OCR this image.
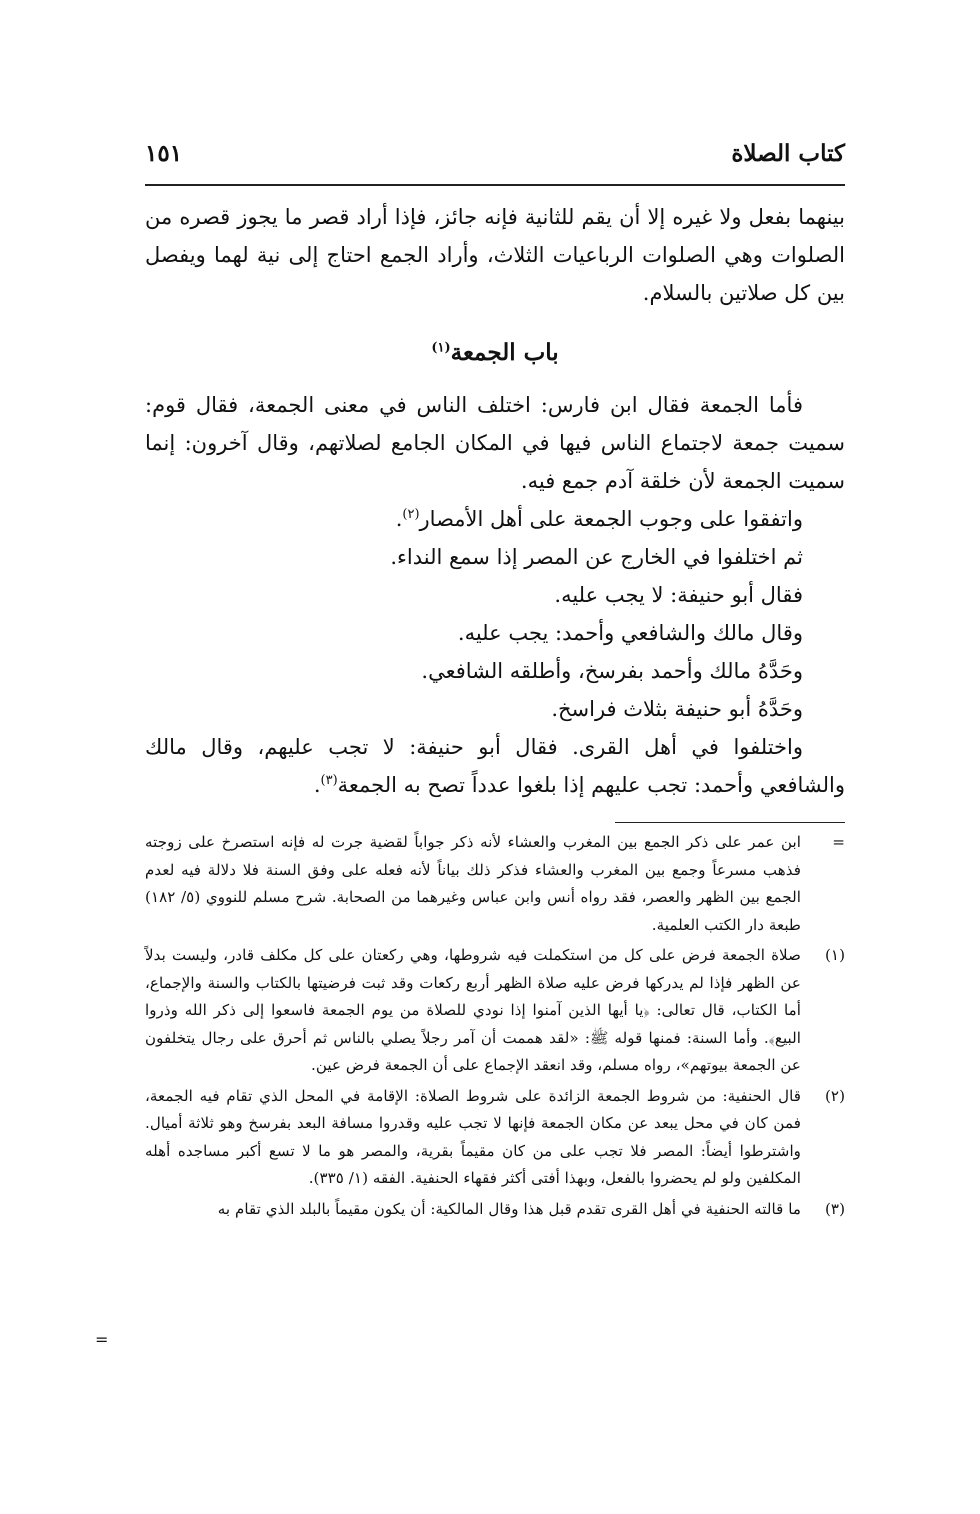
كتاب الصلاة
١٥١

بينهما بفعل ولا غيره إلا أن يقم للثانية فإنه جائز، فإذا أراد قصر ما يجوز قصره من الصلوات وهي الصلوات الرباعيات الثلاث، وأراد الجمع احتاج إلى نية لهما ويفصل بين كل صلاتين بالسلام.

باب الجمعة$^{(١)}$

فأما الجمعة فقال ابن فارس: اختلف الناس في معنى الجمعة، فقال قوم: سميت جمعة لاجتماع الناس فيها في المكان الجامع لصلاتهم، وقال آخرون: إنما سميت الجمعة لأن خلقة آدم جمع فيه.

واتفقوا على وجوب الجمعة على أهل الأمصار$^{(٢)}$.

ثم اختلفوا في الخارج عن المصر إذا سمع النداء.

فقال أبو حنيفة: لا يجب عليه.

وقال مالك والشافعي وأحمد: يجب عليه.

وحَدَّهُ مالك وأحمد بفرسخ، وأطلقه الشافعي.

وحَدَّهُ أبو حنيفة بثلاث فراسخ.

واختلفوا في أهل القرى. فقال أبو حنيفة: لا تجب عليهم، وقال مالك والشافعي وأحمد: تجب عليهم إذا بلغوا عدداً تصح به الجمعة$^{(٣)}$.

=
ابن عمر على ذكر الجمع بين المغرب والعشاء لأنه ذكر جواباً لقضية جرت له فإنه استصرخ على زوجته فذهب مسرعاً وجمع بين المغرب والعشاء فذكر ذلك بياناً لأنه فعله على وفق السنة فلا دلالة فيه لعدم الجمع بين الظهر والعصر، فقد رواه أنس وابن عباس وغيرهما من الصحابة. شرح مسلم للنووي (٥/ ١٨٢) طبعة دار الكتب العلمية.
(١)
صلاة الجمعة فرض على كل من استكملت فيه شروطها، وهي ركعتان على كل مكلف قادر، وليست بدلاً عن الظهر فإذا لم يدركها فرض عليه صلاة الظهر أربع ركعات وقد ثبت فرضيتها بالكتاب والسنة والإجماع، أما الكتاب، قال تعالى: ﴿يا أيها الذين آمنوا إذا نودي للصلاة من يوم الجمعة فاسعوا إلى ذكر الله وذروا البيع﴾. وأما السنة: فمنها قوله ﷺ: «لقد هممت أن آمر رجلاً يصلي بالناس ثم أحرق على رجال يتخلفون عن الجمعة بيوتهم»، رواه مسلم، وقد انعقد الإجماع على أن الجمعة فرض عين.
(٢)
قال الحنفية: من شروط الجمعة الزائدة على شروط الصلاة: الإقامة في المحل الذي تقام فيه الجمعة، فمن كان في محل يبعد عن مكان الجمعة فإنها لا تجب عليه وقدروا مسافة البعد بفرسخ وهو ثلاثة أميال. واشترطوا أيضاً: المصر فلا تجب على من كان مقيماً بقرية، والمصر هو ما لا تسع أكبر مساجده أهله المكلفين ولو لم يحضروا بالفعل، وبهذا أفتى أكثر فقهاء الحنفية. الفقه (١/ ٣٣٥).
(٣)
ما قالته الحنفية في أهل القرى تقدم قبل هذا وقال المالكية: أن يكون مقيماً بالبلد الذي تقام به
=
